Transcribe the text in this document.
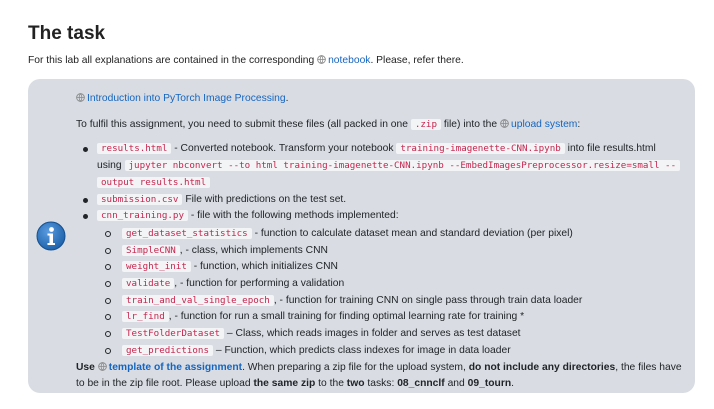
The task
For this lab all explanations are contained in the corresponding notebook. Please, refer there.

Introduction into PyTorch Image Processing.

To fulfil this assignment, you need to submit these files (all packed in one .zip file) into the upload system:

results.html - Converted notebook. Transform your notebook training-imagenette-CNN.ipynb into file results.html
using jupyter nbconvert --to html training-imagenette-CNN.ipynb --EmbedImagesPreprocessor.resize=small --
output results.html
submission.csv File with predictions on the test set.
cnn_training.py - file with the following methods implemented:
get_dataset_statistics - function to calculate dataset mean and standard deviation (per pixel)
SimpleCNN , - class, which implements CNN
weight_init - function, which initializes CNN
validate , - function for performing a validation
train_and_val_single_epoch , - function for training CNN on single pass through train data loader
lr_find , - function for run a small training for finding optimal learning rate for training *
TestFolderDataset – Class, which reads images in folder and serves as test dataset
get_predictions – Function, which predicts class indexes for image in data loader

Use template of the assignment. When preparing a zip file for the upload system, do not include any directories, the files have to be in the zip file root. Please upload the same zip to the two tasks: 08_cnnclf and 09_tourn.
